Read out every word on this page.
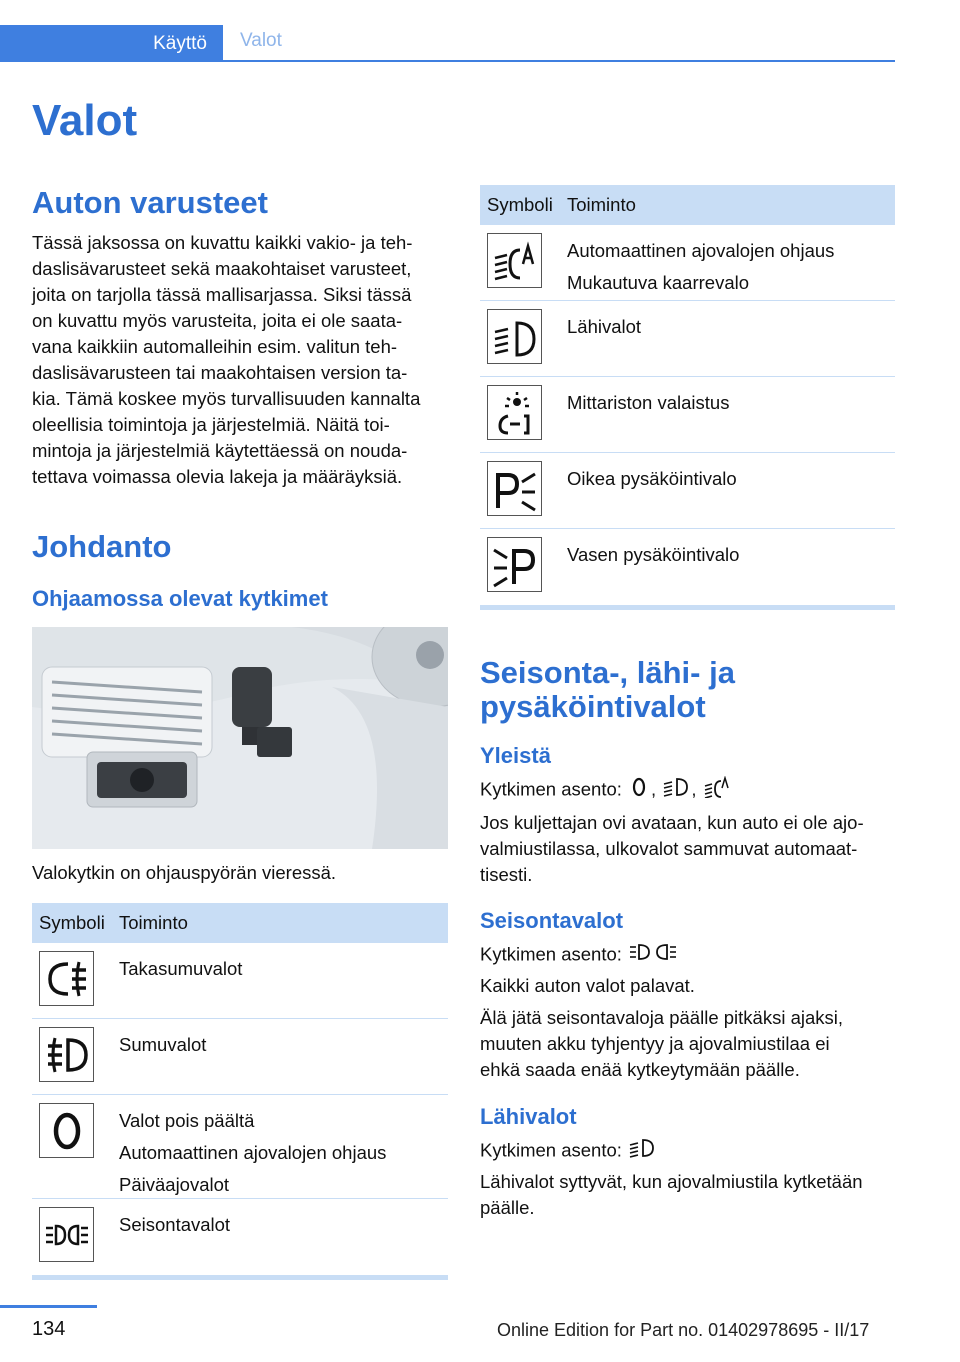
Käyttö Valot
Valot
Auton varusteet
Tässä jaksossa on kuvattu kaikki vakio- ja teh‐
daslisävarusteet sekä maakohtaiset varusteet,
joita on tarjolla tässä mallisarjassa. Siksi tässä
on kuvattu myös varusteita, joita ei ole saata‐
vana kaikkiin automalleihin esim. valitun teh‐
daslisävarusteen tai maakohtaisen version ta‐
kia. Tämä koskee myös turvallisuuden kannalta
oleellisia toimintoja ja järjestelmiä. Näitä toi‐
mintoja ja järjestelmiä käytettäessä on nouda‐
tettava voimassa olevia lakeja ja määräyksiä.
Johdanto
Ohjaamossa olevat kytkimet
Valokytkin on ohjauspyörän vieressä.
Symboli Toiminto
Takasumuvalot
Sumuvalot
Valot pois päältä
Automaattinen ajovalojen ohjaus
Päiväajovalot
Seisontavalot
Symboli Toiminto
Automaattinen ajovalojen ohjaus
Mukautuva kaarrevalo
Lähivalot
Mittariston valaistus
Oikea pysäköintivalo
Vasen pysäköintivalo
Seisonta-, lähi- ja
pysäköintivalot
Yleistä
Kytkimen asento: , ,
Jos kuljettajan ovi avataan, kun auto ei ole ajo‐
valmiustilassa, ulkovalot sammuvat automaat‐
tisesti.
Seisontavalot
Kytkimen asento:
Kaikki auton valot palavat.
Älä jätä seisontavaloja päälle pitkäksi ajaksi,
muuten akku tyhjentyy ja ajovalmiustilaa ei
ehkä saada enää kytkeytymään päälle.
Lähivalot
Kytkimen asento:
Lähivalot syttyvät, kun ajovalmiustila kytketään
päälle.
134	Online Edition for Part no. 01402978695 - II/17
